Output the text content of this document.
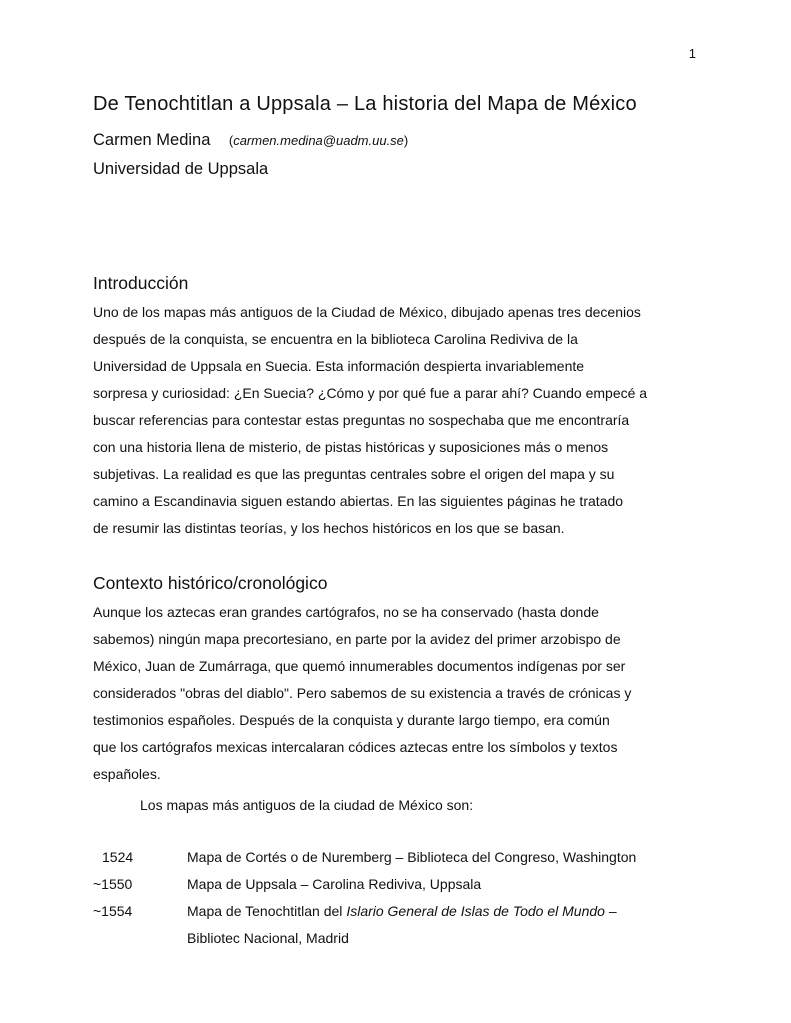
1
De Tenochtitlan a Uppsala – La historia del Mapa de México
Carmen Medina (carmen.medina@uadm.uu.se)
Universidad de Uppsala
Introducción
Uno de los mapas más antiguos de la Ciudad de México, dibujado apenas tres decenios
después de la conquista, se encuentra en la biblioteca Carolina Rediviva de la
Universidad de Uppsala en Suecia. Esta información despierta invariablemente
sorpresa y curiosidad: ¿En Suecia? ¿Cómo y por qué fue a parar ahí? Cuando empecé a
buscar referencias para contestar estas preguntas no sospechaba que me encontraría
con una historia llena de misterio, de pistas históricas y suposiciones más o menos
subjetivas. La realidad es que las preguntas centrales sobre el origen del mapa y su
camino a Escandinavia siguen estando abiertas. En las siguientes páginas he tratado
de resumir las distintas teorías, y los hechos históricos en los que se basan.
Contexto histórico/cronológico
Aunque los aztecas eran grandes cartógrafos, no se ha conservado (hasta donde
sabemos) ningún mapa precortesiano, en parte por la avidez del primer arzobispo de
México, Juan de Zumárraga, que quemó innumerables documentos indígenas por ser
considerados "obras del diablo". Pero sabemos de su existencia a través de crónicas y
testimonios españoles. Después de la conquista y durante largo tiempo, era común
que los cartógrafos mexicas intercalaran códices aztecas entre los símbolos y textos
españoles.
Los mapas más antiguos de la ciudad de México son:
1524	Mapa de Cortés o de Nuremberg – Biblioteca del Congreso, Washington
~1550	Mapa de Uppsala – Carolina Rediviva, Uppsala
~1554	Mapa de Tenochtitlan del Islario General de Islas de Todo el Mundo –
Bibliotec Nacional, Madrid
